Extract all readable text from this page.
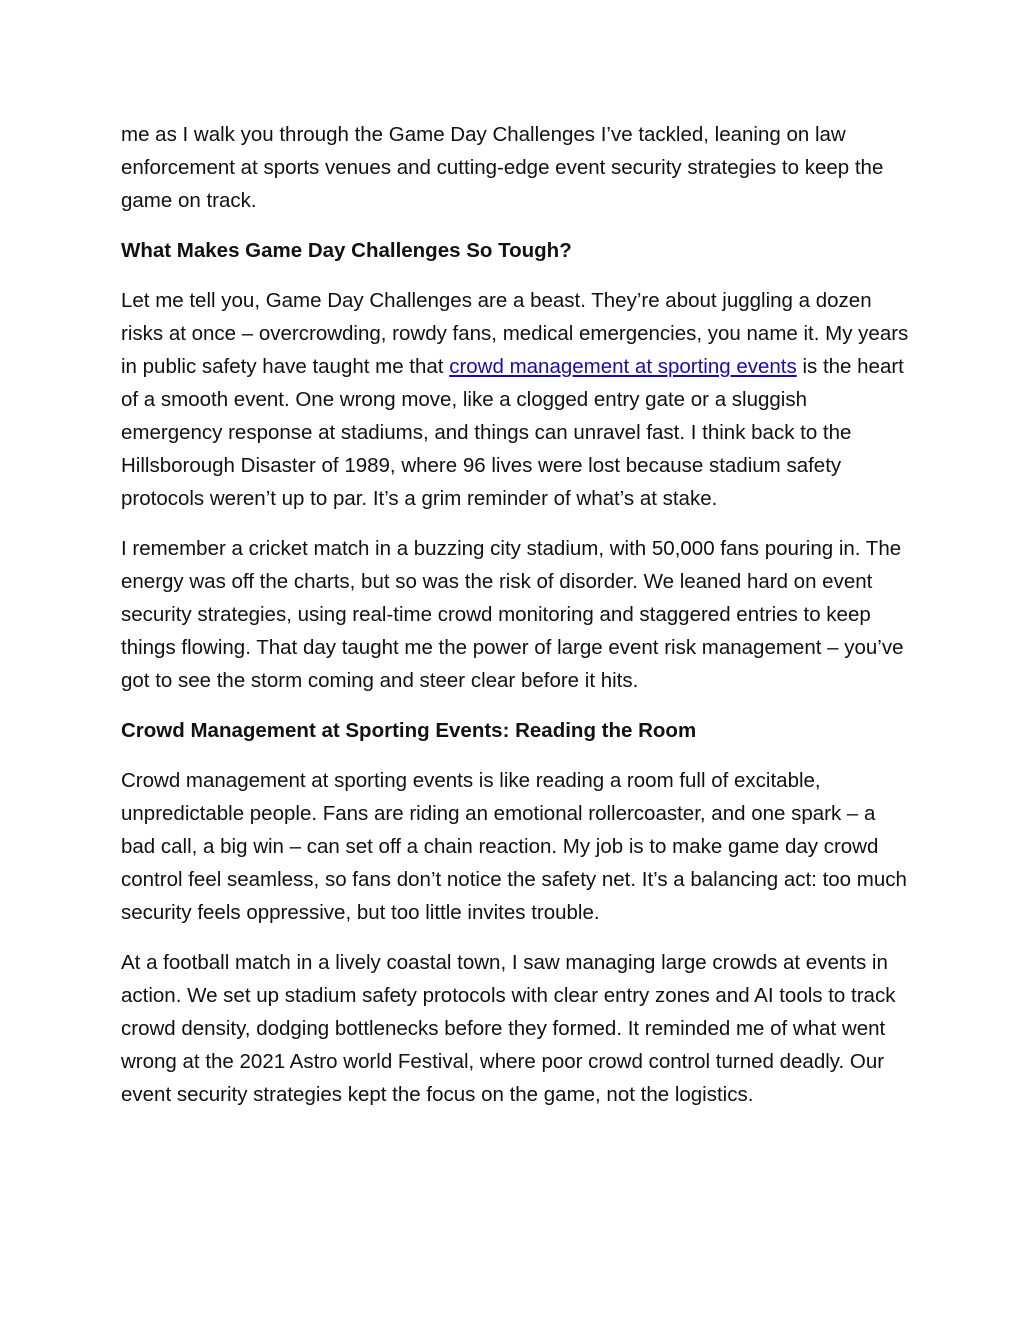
me as I walk you through the Game Day Challenges I’ve tackled, leaning on law enforcement at sports venues and cutting-edge event security strategies to keep the game on track.

What Makes Game Day Challenges So Tough?

Let me tell you, Game Day Challenges are a beast. They’re about juggling a dozen risks at once – overcrowding, rowdy fans, medical emergencies, you name it. My years in public safety have taught me that crowd management at sporting events is the heart of a smooth event. One wrong move, like a clogged entry gate or a sluggish emergency response at stadiums, and things can unravel fast. I think back to the Hillsborough Disaster of 1989, where 96 lives were lost because stadium safety protocols weren’t up to par. It’s a grim reminder of what’s at stake.

I remember a cricket match in a buzzing city stadium, with 50,000 fans pouring in. The energy was off the charts, but so was the risk of disorder. We leaned hard on event security strategies, using real-time crowd monitoring and staggered entries to keep things flowing. That day taught me the power of large event risk management – you’ve got to see the storm coming and steer clear before it hits.

Crowd Management at Sporting Events: Reading the Room

Crowd management at sporting events is like reading a room full of excitable, unpredictable people. Fans are riding an emotional rollercoaster, and one spark – a bad call, a big win – can set off a chain reaction. My job is to make game day crowd control feel seamless, so fans don’t notice the safety net. It’s a balancing act: too much security feels oppressive, but too little invites trouble.

At a football match in a lively coastal town, I saw managing large crowds at events in action. We set up stadium safety protocols with clear entry zones and AI tools to track crowd density, dodging bottlenecks before they formed. It reminded me of what went wrong at the 2021 Astro world Festival, where poor crowd control turned deadly. Our event security strategies kept the focus on the game, not the logistics.
